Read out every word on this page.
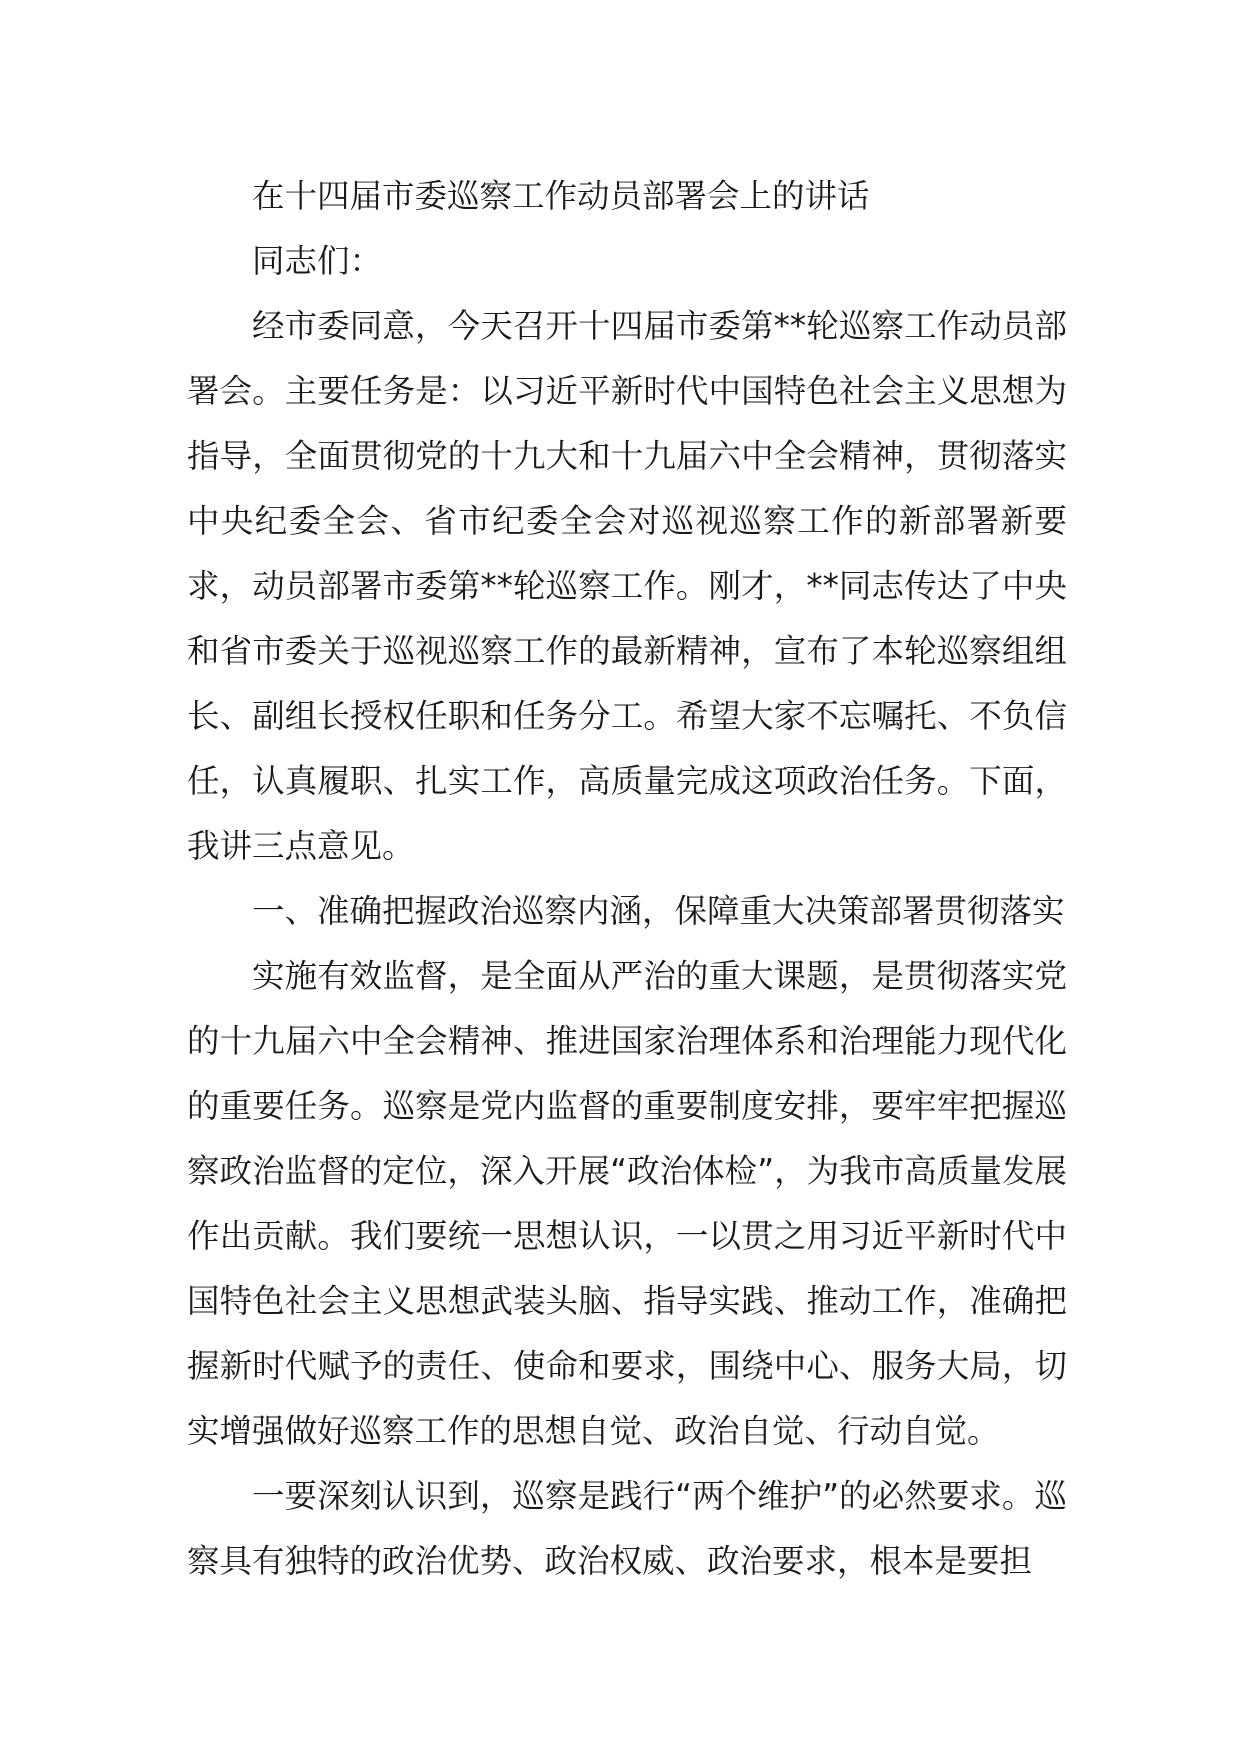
在十四届市委巡察工作动员部署会上的讲话

同志们：

经市委同意，今天召开十四届市委第**轮巡察工作动员部署会。主要任务是：以习近平新时代中国特色社会主义思想为指导，全面贯彻党的十九大和十九届六中全会精神，贯彻落实中央纪委全会、省市纪委全会对巡视巡察工作的新部署新要求，动员部署市委第**轮巡察工作。刚才，**同志传达了中央和省市委关于巡视巡察工作的最新精神，宣布了本轮巡察组组长、副组长授权任职和任务分工。希望大家不忘嘱托、不负信任，认真履职、扎实工作，高质量完成这项政治任务。下面，我讲三点意见。

一、准确把握政治巡察内涵，保障重大决策部署贯彻落实

实施有效监督，是全面从严治的重大课题，是贯彻落实党的十九届六中全会精神、推进国家治理体系和治理能力现代化的重要任务。巡察是党内监督的重要制度安排，要牢牢把握巡察政治监督的定位，深入开展“政治体检”，为我市高质量发展作出贡献。我们要统一思想认识，一以贯之用习近平新时代中国特色社会主义思想武装头脑、指导实践、推动工作，准确把握新时代赋予的责任、使命和要求，围绕中心、服务大局，切实增强做好巡察工作的思想自觉、政治自觉、行动自觉。

一要深刻认识到，巡察是践行“两个维护”的必然要求。巡察具有独特的政治优势、政治权威、政治要求，根本是要担
